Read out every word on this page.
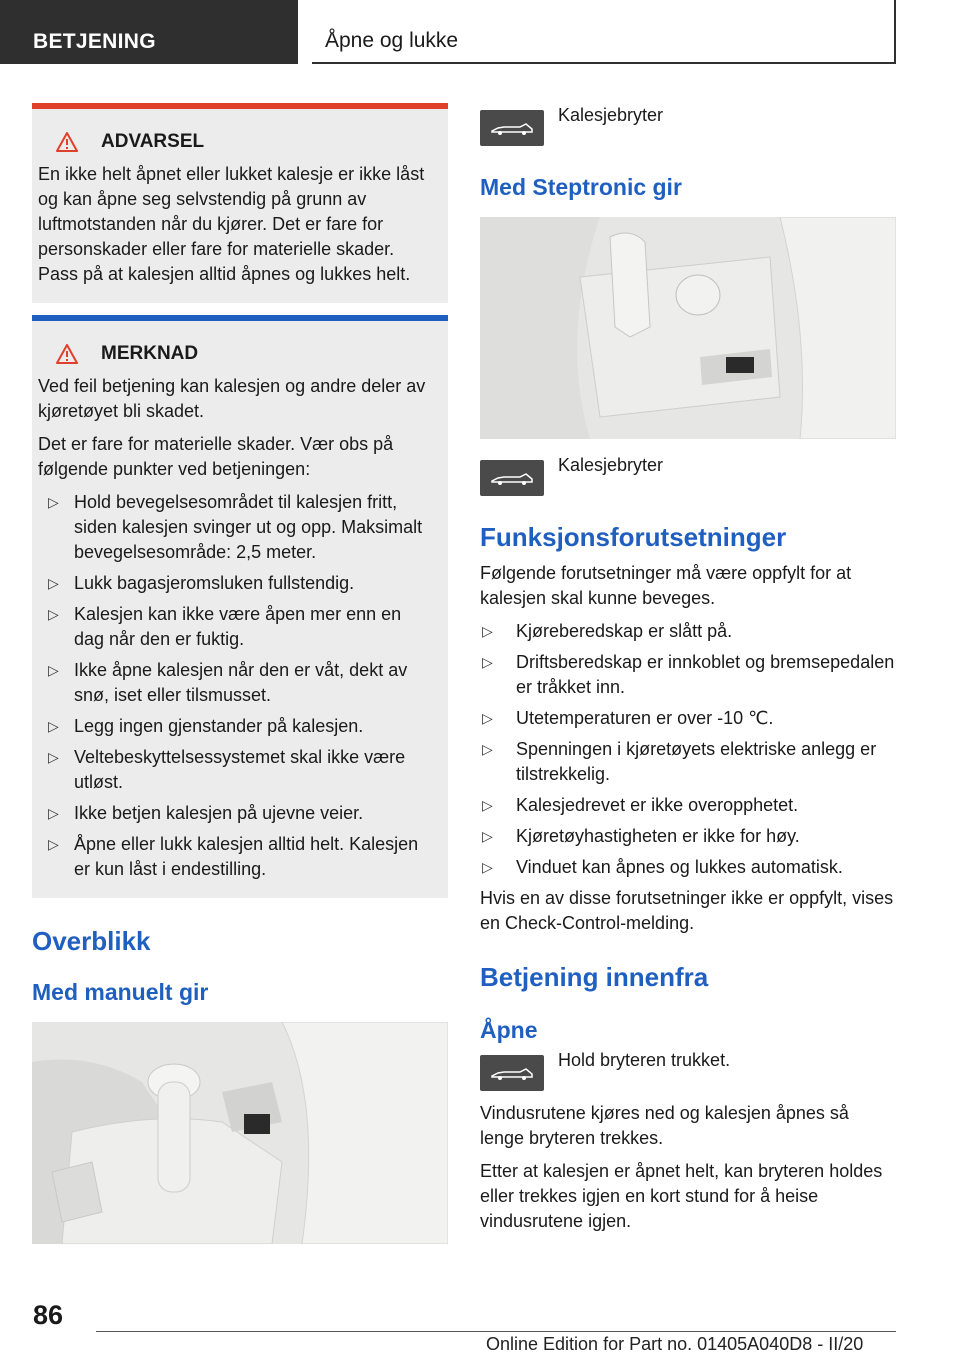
BETJENING	Åpne og lukke
ADVARSEL

En ikke helt åpnet eller lukket kalesje er ikke låst og kan åpne seg selvstendig på grunn av luftmotstanden når du kjører. Det er fare for personskader eller fare for materielle skader. Pass på at kalesjen alltid åpnes og lukkes helt.

MERKNAD

Ved feil betjening kan kalesjen og andre deler av kjøretøyet bli skadet.

Det er fare for materielle skader. Vær obs på følgende punkter ved betjeningen:

▷ Hold bevegelsesområdet til kalesjen fritt, siden kalesjen svinger ut og opp. Maksimalt bevegelsesområde: 2,5 meter.
▷ Lukk bagasjeromsluken fullstendig.
▷ Kalesjen kan ikke være åpen mer enn en dag når den er fuktig.
▷ Ikke åpne kalesjen når den er våt, dekt av snø, iset eller tilsmusset.
▷ Legg ingen gjenstander på kalesjen.
▷ Veltebeskyttelsessystemet skal ikke være utløst.
▷ Ikke betjen kalesjen på ujevne veier.
▷ Åpne eller lukk kalesjen alltid helt. Kalesjen er kun låst i endestilling.
Overblikk
Med manuelt gir
Kalesjebryter
Med Steptronic gir
Kalesjebryter
Funksjonsforutsetninger

Følgende forutsetninger må være oppfylt for at kalesjen skal kunne beveges.

▷ Kjøreberedskap er slått på.
▷ Driftsberedskap er innkoblet og bremsepedalen er tråkket inn.
▷ Utetemperaturen er over -10 ℃.
▷ Spenningen i kjøretøyets elektriske anlegg er tilstrekkelig.
▷ Kalesjedrevet er ikke overopphetet.
▷ Kjøretøyhastigheten er ikke for høy.
▷ Vinduet kan åpnes og lukkes automatisk.

Hvis en av disse forutsetninger ikke er oppfylt, vises en Check-Control-melding.

Betjening innenfra
Åpne
Hold bryteren trukket.

Vindusrutene kjøres ned og kalesjen åpnes så lenge bryteren trekkes.

Etter at kalesjen er åpnet helt, kan bryteren holdes eller trekkes igjen en kort stund for å heise vindusrutene igjen.

86
Online Edition for Part no. 01405A040D8 - II/20
